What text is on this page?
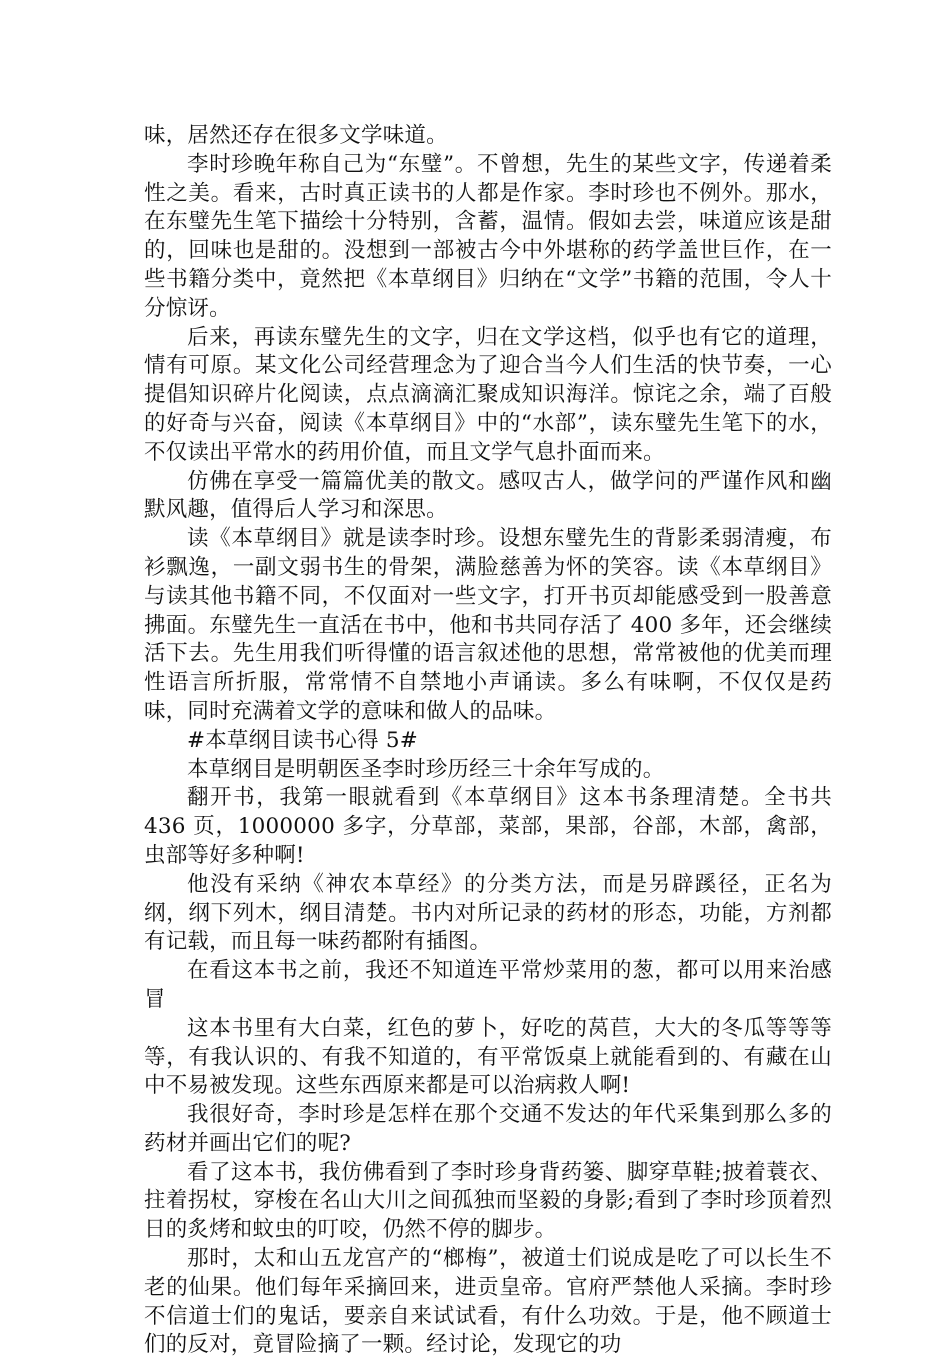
味，居然还存在很多文学味道。

李时珍晚年称自己为“东璧”。不曾想，先生的某些文字，传递着柔性之美。看来，古时真正读书的人都是作家。李时珍也不例外。那水，在东璧先生笔下描绘十分特别，含蓄，温情。假如去尝，味道应该是甜的，回味也是甜的。没想到一部被古今中外堪称的药学盖世巨作，在一些书籍分类中，竟然把《本草纲目》归纳在“文学”书籍的范围，令人十分惊讶。

后来，再读东璧先生的文字，归在文学这档，似乎也有它的道理，情有可原。某文化公司经营理念为了迎合当今人们生活的快节奏，一心提倡知识碎片化阅读，点点滴滴汇聚成知识海洋。惊诧之余，端了百般的好奇与兴奋，阅读《本草纲目》中的“水部”，读东璧先生笔下的水，不仅读出平常水的药用价值，而且文学气息扑面而来。

仿佛在享受一篇篇优美的散文。感叹古人，做学问的严谨作风和幽默风趣，值得后人学习和深思。

读《本草纲目》就是读李时珍。设想东璧先生的背影柔弱清瘦，布衫飘逸，一副文弱书生的骨架，满脸慈善为怀的笑容。读《本草纲目》与读其他书籍不同，不仅面对一些文字，打开书页却能感受到一股善意拂面。东璧先生一直活在书中，他和书共同存活了 400 多年，还会继续活下去。先生用我们听得懂的语言叙述他的思想，常常被他的优美而理性语言所折服，常常情不自禁地小声诵读。多么有味啊，不仅仅是药味，同时充满着文学的意味和做人的品味。

#本草纲目读书心得 5#

本草纲目是明朝医圣李时珍历经三十余年写成的。

翻开书，我第一眼就看到《本草纲目》这本书条理清楚。全书共 436 页，1000000 多字，分草部，菜部，果部，谷部，木部，禽部，虫部等好多种啊!

他没有采纳《神农本草经》的分类方法，而是另辟蹊径，正名为纲，纲下列木，纲目清楚。书内对所记录的药材的形态，功能，方剂都有记载，而且每一味药都附有插图。

在看这本书之前，我还不知道连平常炒菜用的葱，都可以用来治感冒

这本书里有大白菜，红色的萝卜，好吃的莴苣，大大的冬瓜等等等等，有我认识的、有我不知道的，有平常饭桌上就能看到的、有藏在山中不易被发现。这些东西原来都是可以治病救人啊!

我很好奇，李时珍是怎样在那个交通不发达的年代采集到那么多的药材并画出它们的呢?

看了这本书，我仿佛看到了李时珍身背药篓、脚穿草鞋;披着蓑衣、拄着拐杖，穿梭在名山大川之间孤独而坚毅的身影;看到了李时珍顶着烈日的炙烤和蚊虫的叮咬，仍然不停的脚步。

那时，太和山五龙宫产的“榔梅”，被道士们说成是吃了可以长生不老的仙果。他们每年采摘回来，进贡皇帝。官府严禁他人采摘。李时珍不信道士们的鬼话，要亲自来试试看，有什么功效。于是，他不顾道士们的反对，竟冒险摘了一颗。经讨论，发现它的功
